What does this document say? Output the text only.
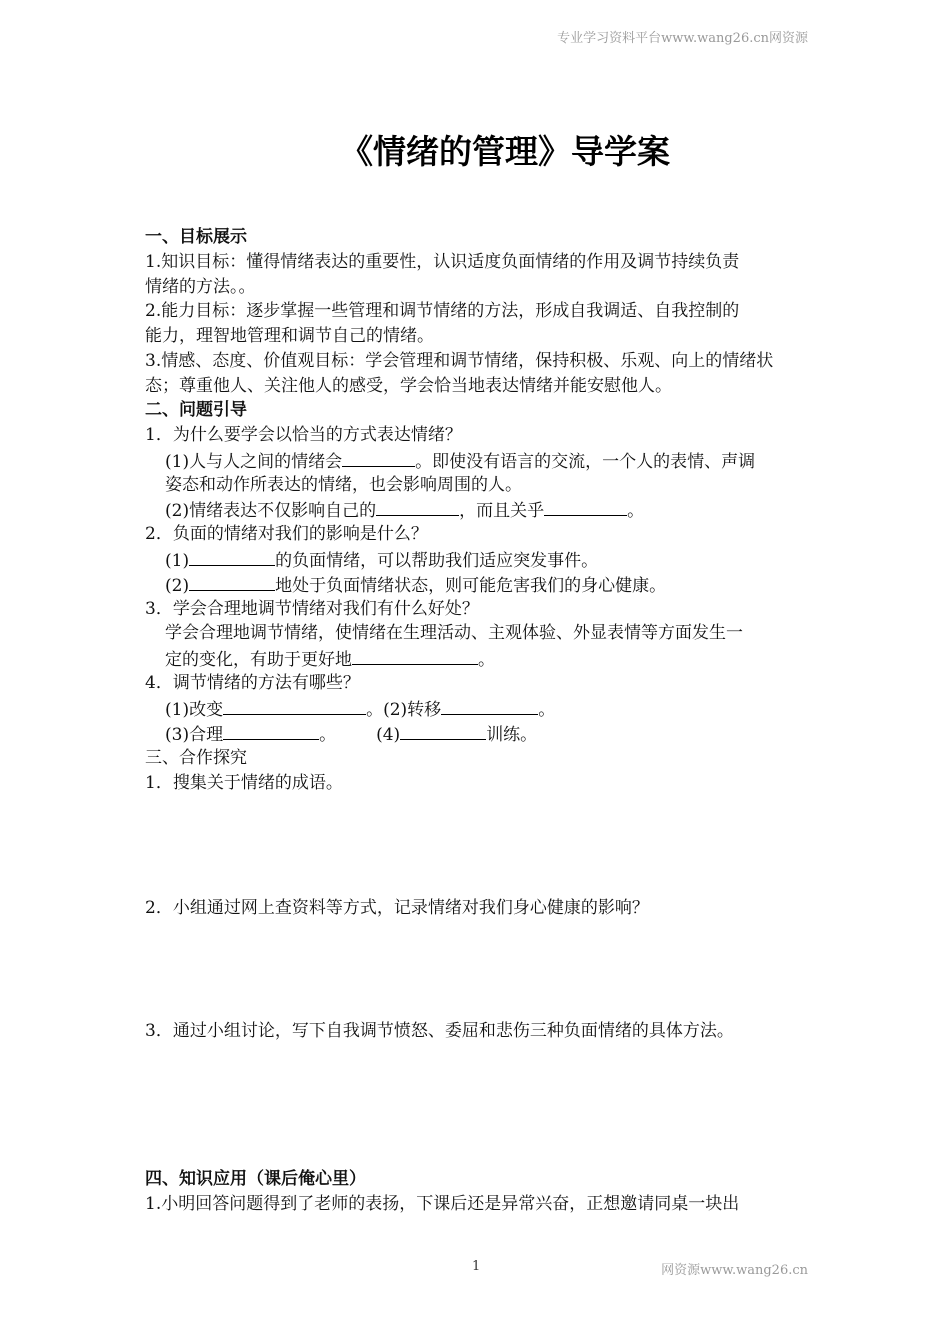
专业学习资料平台www.wang26.cn网资源
《情绪的管理》导学案
一、目标展示
1.知识目标：懂得情绪表达的重要性，认识适度负面情绪的作用及调节持续负责
情绪的方法。。
2.能力目标：逐步掌握一些管理和调节情绪的方法，形成自我调适、自我控制的
能力，理智地管理和调节自己的情绪。
3.情感、态度、价值观目标：学会管理和调节情绪，保持积极、乐观、向上的情绪状
态；尊重他人、关注他人的感受，学会恰当地表达情绪并能安慰他人。
二、问题引导
1．为什么要学会以恰当的方式表达情绪？
(1)人与人之间的情绪会	。即使没有语言的交流，一个人的表情、声调
姿态和动作所表达的情绪，也会影响周围的人。
(2)情绪表达不仅影响自己的	，而且关乎	。
2．负面的情绪对我们的影响是什么？
(1)	的负面情绪，可以帮助我们适应突发事件。
(2)	地处于负面情绪状态，则可能危害我们的身心健康。
3．学会合理地调节情绪对我们有什么好处？
学会合理地调节情绪，使情绪在生理活动、主观体验、外显表情等方面发生一
定的变化，有助于更好地	。
4．调节情绪的方法有哪些？
(1)改变	。(2)转移	。
(3)合理	。 (4)	训练。
三、合作探究
1．搜集关于情绪的成语。
2．小组通过网上查资料等方式，记录情绪对我们身心健康的影响？
3．通过小组讨论，写下自我调节愤怒、委屈和悲伤三种负面情绪的具体方法。
四、知识应用（课后俺心里）
1.小明回答问题得到了老师的表扬，下课后还是异常兴奋，正想邀请同桌一块出
1	网资源www.wang26.cn
